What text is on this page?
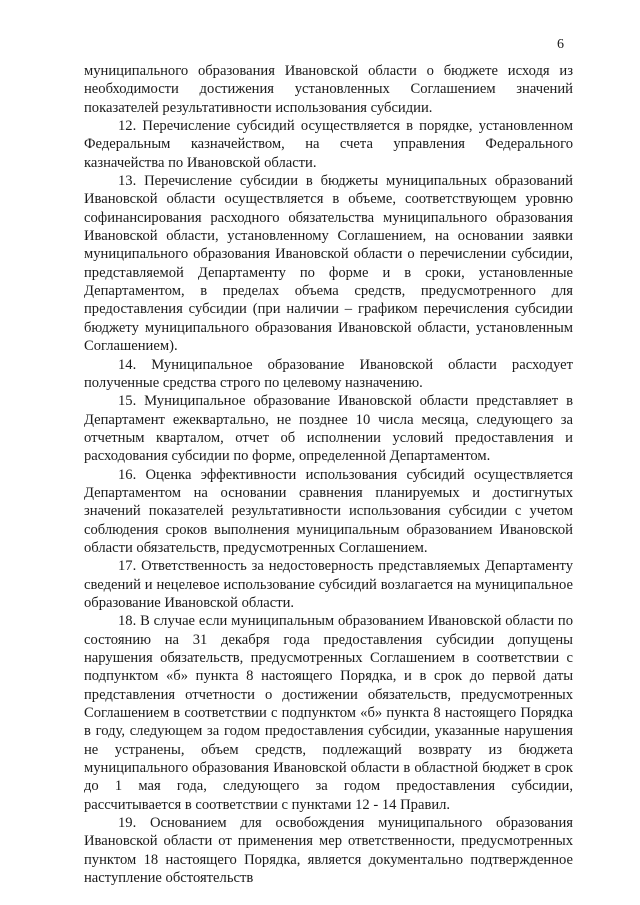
6

муниципального образования Ивановской области о бюджете исходя из необходимости достижения установленных Соглашением значений показателей результативности использования субсидии.

12. Перечисление субсидий осуществляется в порядке, установленном Федеральным казначейством, на счета управления Федерального казначейства по Ивановской области.

13. Перечисление субсидии в бюджеты муниципальных образований Ивановской области осуществляется в объеме, соответствующем уровню софинансирования расходного обязательства муниципального образования Ивановской области, установленному Соглашением, на основании заявки муниципального образования Ивановской области о перечислении субсидии, представляемой Департаменту по форме и в сроки, установленные Департаментом, в пределах объема средств, предусмотренного для предоставления субсидии (при наличии – графиком перечисления субсидии бюджету муниципального образования Ивановской области, установленным Соглашением).

14. Муниципальное образование Ивановской области расходует полученные средства строго по целевому назначению.

15. Муниципальное образование Ивановской области представляет в Департамент ежеквартально, не позднее 10 числа месяца, следующего за отчетным кварталом, отчет об исполнении условий предоставления и расходования субсидии по форме, определенной Департаментом.

16. Оценка эффективности использования субсидий осуществляется Департаментом на основании сравнения планируемых и достигнутых значений показателей результативности использования субсидии с учетом соблюдения сроков выполнения муниципальным образованием Ивановской области обязательств, предусмотренных Соглашением.

17. Ответственность за недостоверность представляемых Департаменту сведений и нецелевое использование субсидий возлагается на муниципальное образование Ивановской области.

18. В случае если муниципальным образованием Ивановской области по состоянию на 31 декабря года предоставления субсидии допущены нарушения обязательств, предусмотренных Соглашением в соответствии с подпунктом «б» пункта 8 настоящего Порядка, и в срок до первой даты представления отчетности о достижении обязательств, предусмотренных Соглашением в соответствии с подпунктом «б» пункта 8 настоящего Порядка в году, следующем за годом предоставления субсидии, указанные нарушения не устранены, объем средств, подлежащий возврату из бюджета муниципального образования Ивановской области в областной бюджет в срок до 1 мая года, следующего за годом предоставления субсидии, рассчитывается в соответствии с пунктами 12 - 14 Правил.

19. Основанием для освобождения муниципального образования Ивановской области от применения мер ответственности, предусмотренных пунктом 18 настоящего Порядка, является документально подтвержденное наступление обстоятельств
